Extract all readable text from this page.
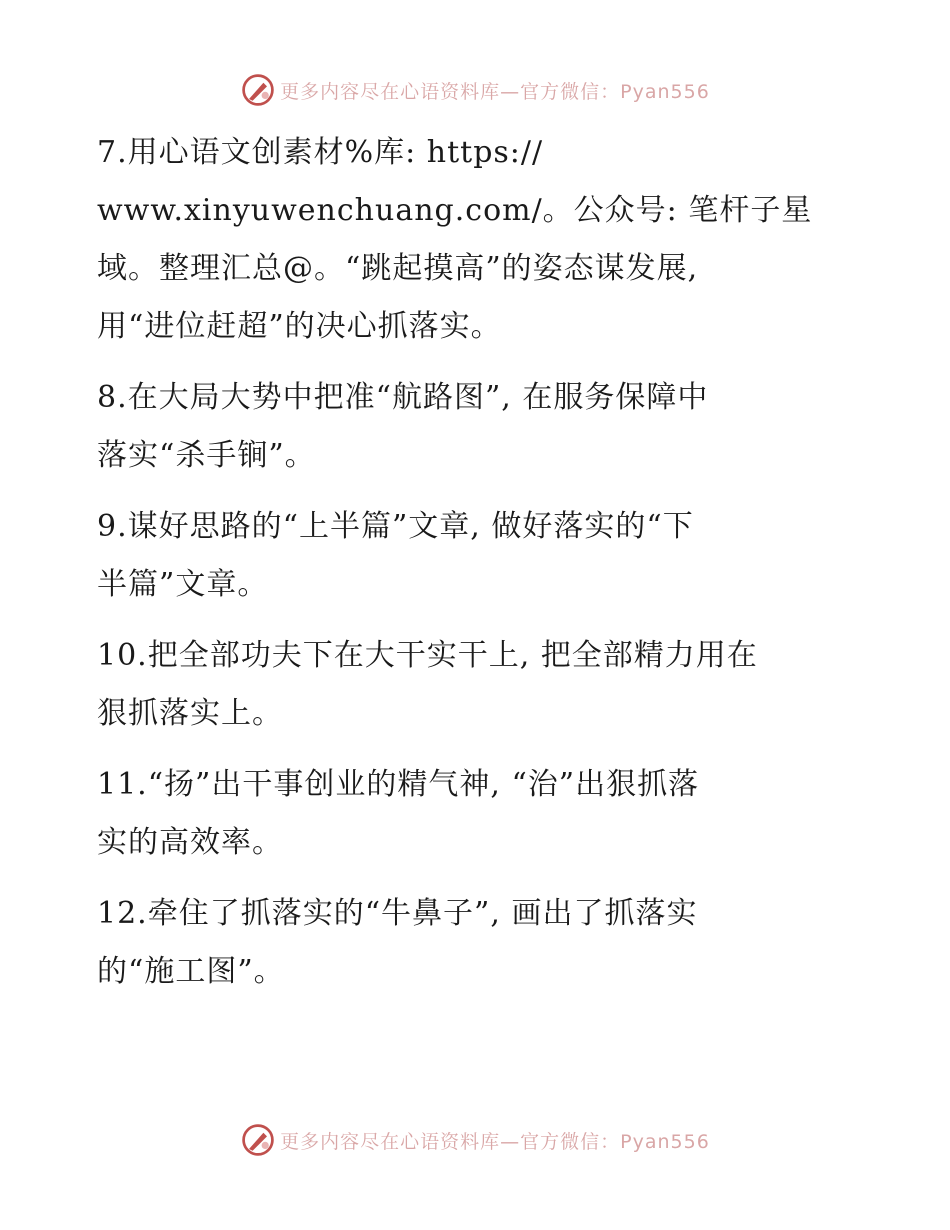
更多内容尽在心语资料库—官方微信：Pyan556

7.用心语文创素材%库: https://
www.xinyuwenchuang.com/。公众号: 笔杆子星
域。整理汇总@。“跳起摸高”的姿态谋发展,
用“进位赶超”的决心抓落实。

8.在大局大势中把准“航路图”, 在服务保障中
落实“杀手锏”。

9.谋好思路的“上半篇”文章, 做好落实的“下
半篇”文章。

10.把全部功夫下在大干实干上, 把全部精力用在
狠抓落实上。

11.“扬”出干事创业的精气神, “治”出狠抓落
实的高效率。

12.牵住了抓落实的“牛鼻子”, 画出了抓落实
的“施工图”。

更多内容尽在心语资料库—官方微信：Pyan556
